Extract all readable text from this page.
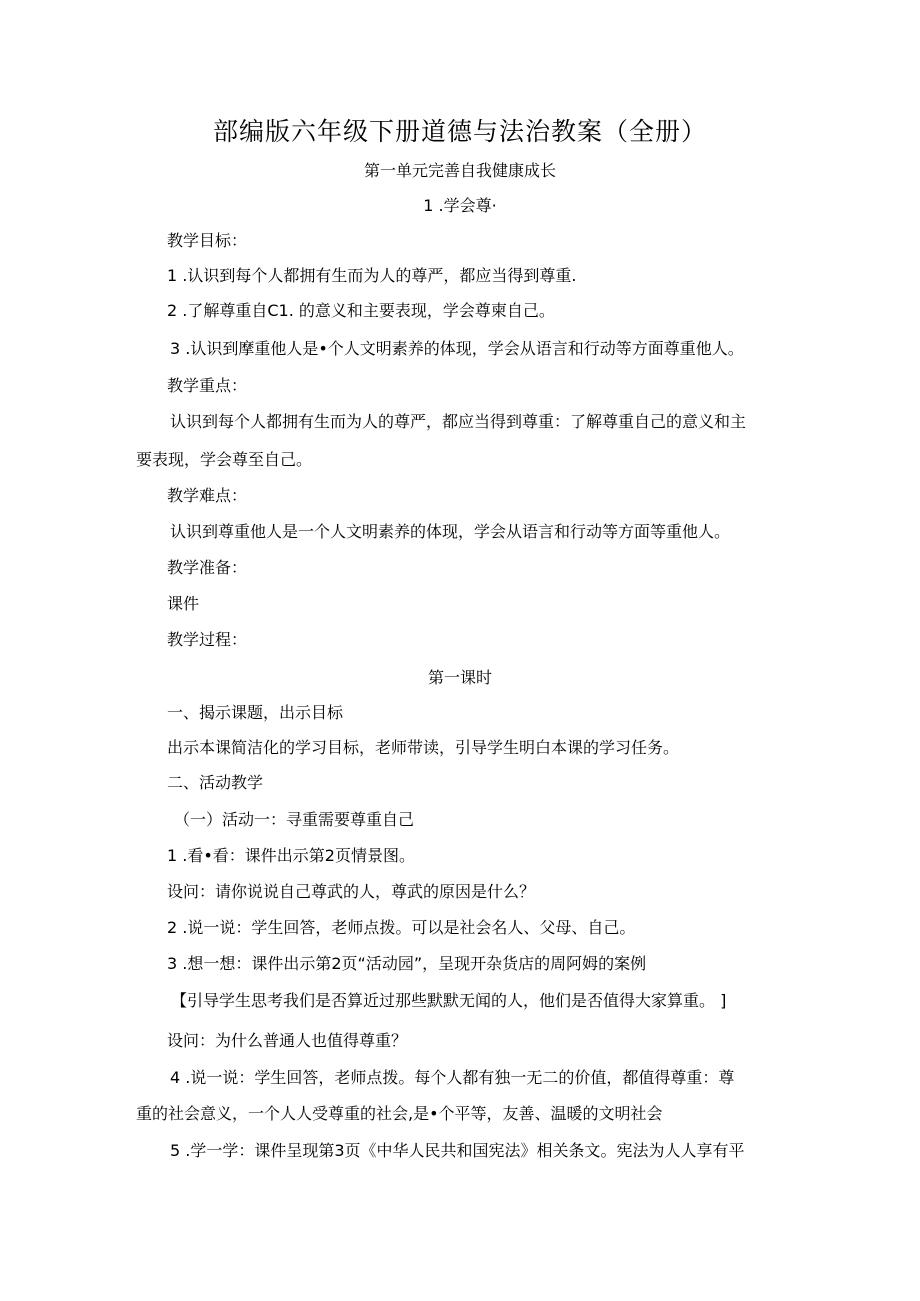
部编版六年级下册道德与法治教案（全册）
第一单元完善自我健康成长
1 .学会尊·
教学目标：
1 .认识到每个人都拥有生而为人的尊严，都应当得到尊重.
2 .了解尊重自C1. 的意义和主要表现，学会尊柬自己。
3 .认识到摩重他人是•个人文明素养的体现，学会从语言和行动等方面尊重他人。
教学重点：
认识到每个人都拥有生而为人的尊严，都应当得到尊重：了解尊重自己的意义和主
要表现，学会尊至自己。
教学难点：
认识到尊重他人是一个人文明素养的体现，学会从语言和行动等方面等重他人。
教学准备：
课件
教学过程：
第一课时
一、揭示课题，出示目标
出示本课简洁化的学习目标，老师带读，引导学生明白本课的学习任务。
二、活动教学
（一）活动一：寻重需要尊重自己
1 .看•看：课件出示第2页情景图。
设问：请你说说自己尊武的人，尊武的原因是什么？
2 .说一说：学生回答，老师点拨。可以是社会名人、父母、自己。
3 .想一想：课件出示第2页“活动园”，呈现开杂货店的周阿姆的案例
【引导学生思考我们是否算近过那些默默无闻的人，他们是否值得大家算重。 ]
设问：为什么普通人也值得尊重？
4 .说一说：学生回答，老师点拨。每个人都有独一无二的价值，都值得尊重：尊
重的社会意义，一个人人受尊重的社会,是•个平等，友善、温暖的文明社会
5 .学一学：课件呈现第3页《中华人民共和国宪法》相关条文。宪法为人人享有平
